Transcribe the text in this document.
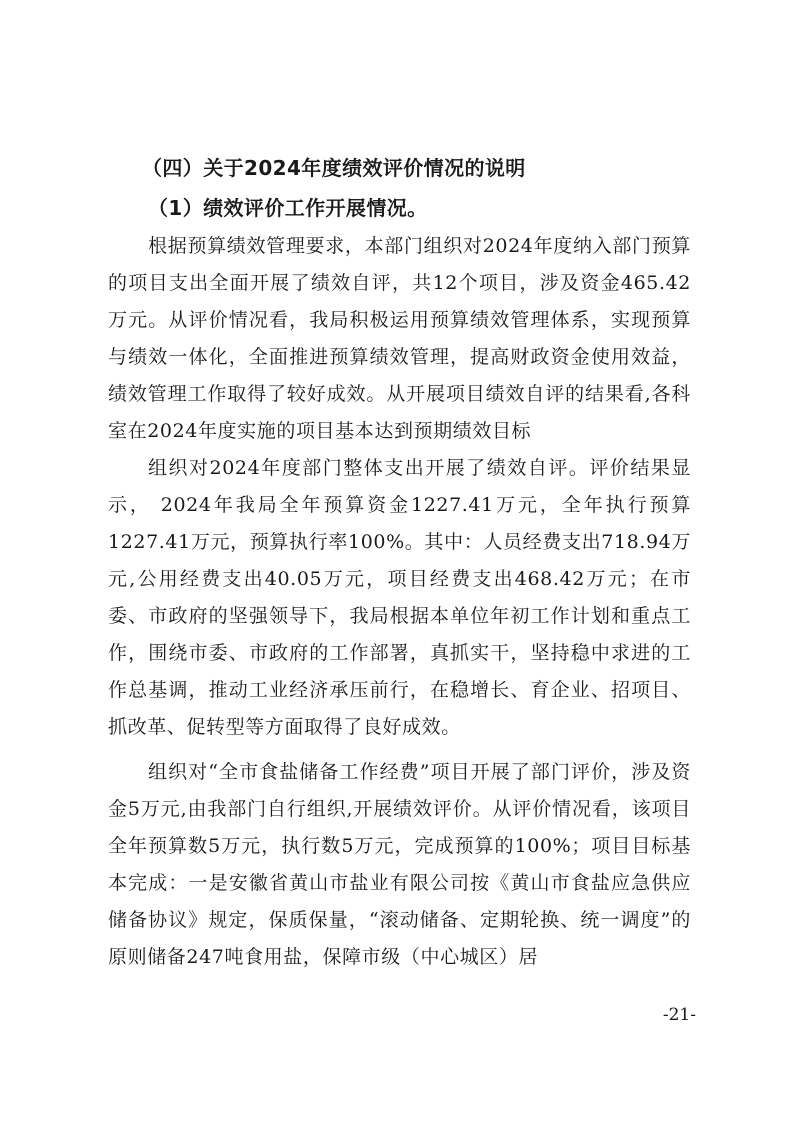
（四）关于2024年度绩效评价情况的说明
（1）绩效评价工作开展情况。

根据预算绩效管理要求，本部门组织对2024年度纳入部门预算的项目支出全面开展了绩效自评，共12个项目，涉及资金465.42万元。从评价情况看，我局积极运用预算绩效管理体系，实现预算与绩效一体化，全面推进预算绩效管理，提高财政资金使用效益，绩效管理工作取得了较好成效。从开展项目绩效自评的结果看,各科室在2024年度实施的项目基本达到预期绩效目标

组织对2024年度部门整体支出开展了绩效自评。评价结果显示， 2024年我局全年预算资金1227.41万元，全年执行预算1227.41万元，预算执行率100%。其中：人员经费支出718.94万元,公用经费支出40.05万元，项目经费支出468.42万元；在市委、市政府的坚强领导下，我局根据本单位年初工作计划和重点工作，围绕市委、市政府的工作部署，真抓实干，坚持稳中求进的工作总基调，推动工业经济承压前行，在稳增长、育企业、招项目、抓改革、促转型等方面取得了良好成效。

组织对“全市食盐储备工作经费”项目开展了部门评价，涉及资金5万元,由我部门自行组织,开展绩效评价。从评价情况看，该项目全年预算数5万元，执行数5万元，完成预算的100%；项目目标基本完成：一是安徽省黄山市盐业有限公司按《黄山市食盐应急供应储备协议》规定，保质保量，“滚动储备、定期轮换、统一调度”的原则储备247吨食用盐，保障市级（中心城区）居

-21-
